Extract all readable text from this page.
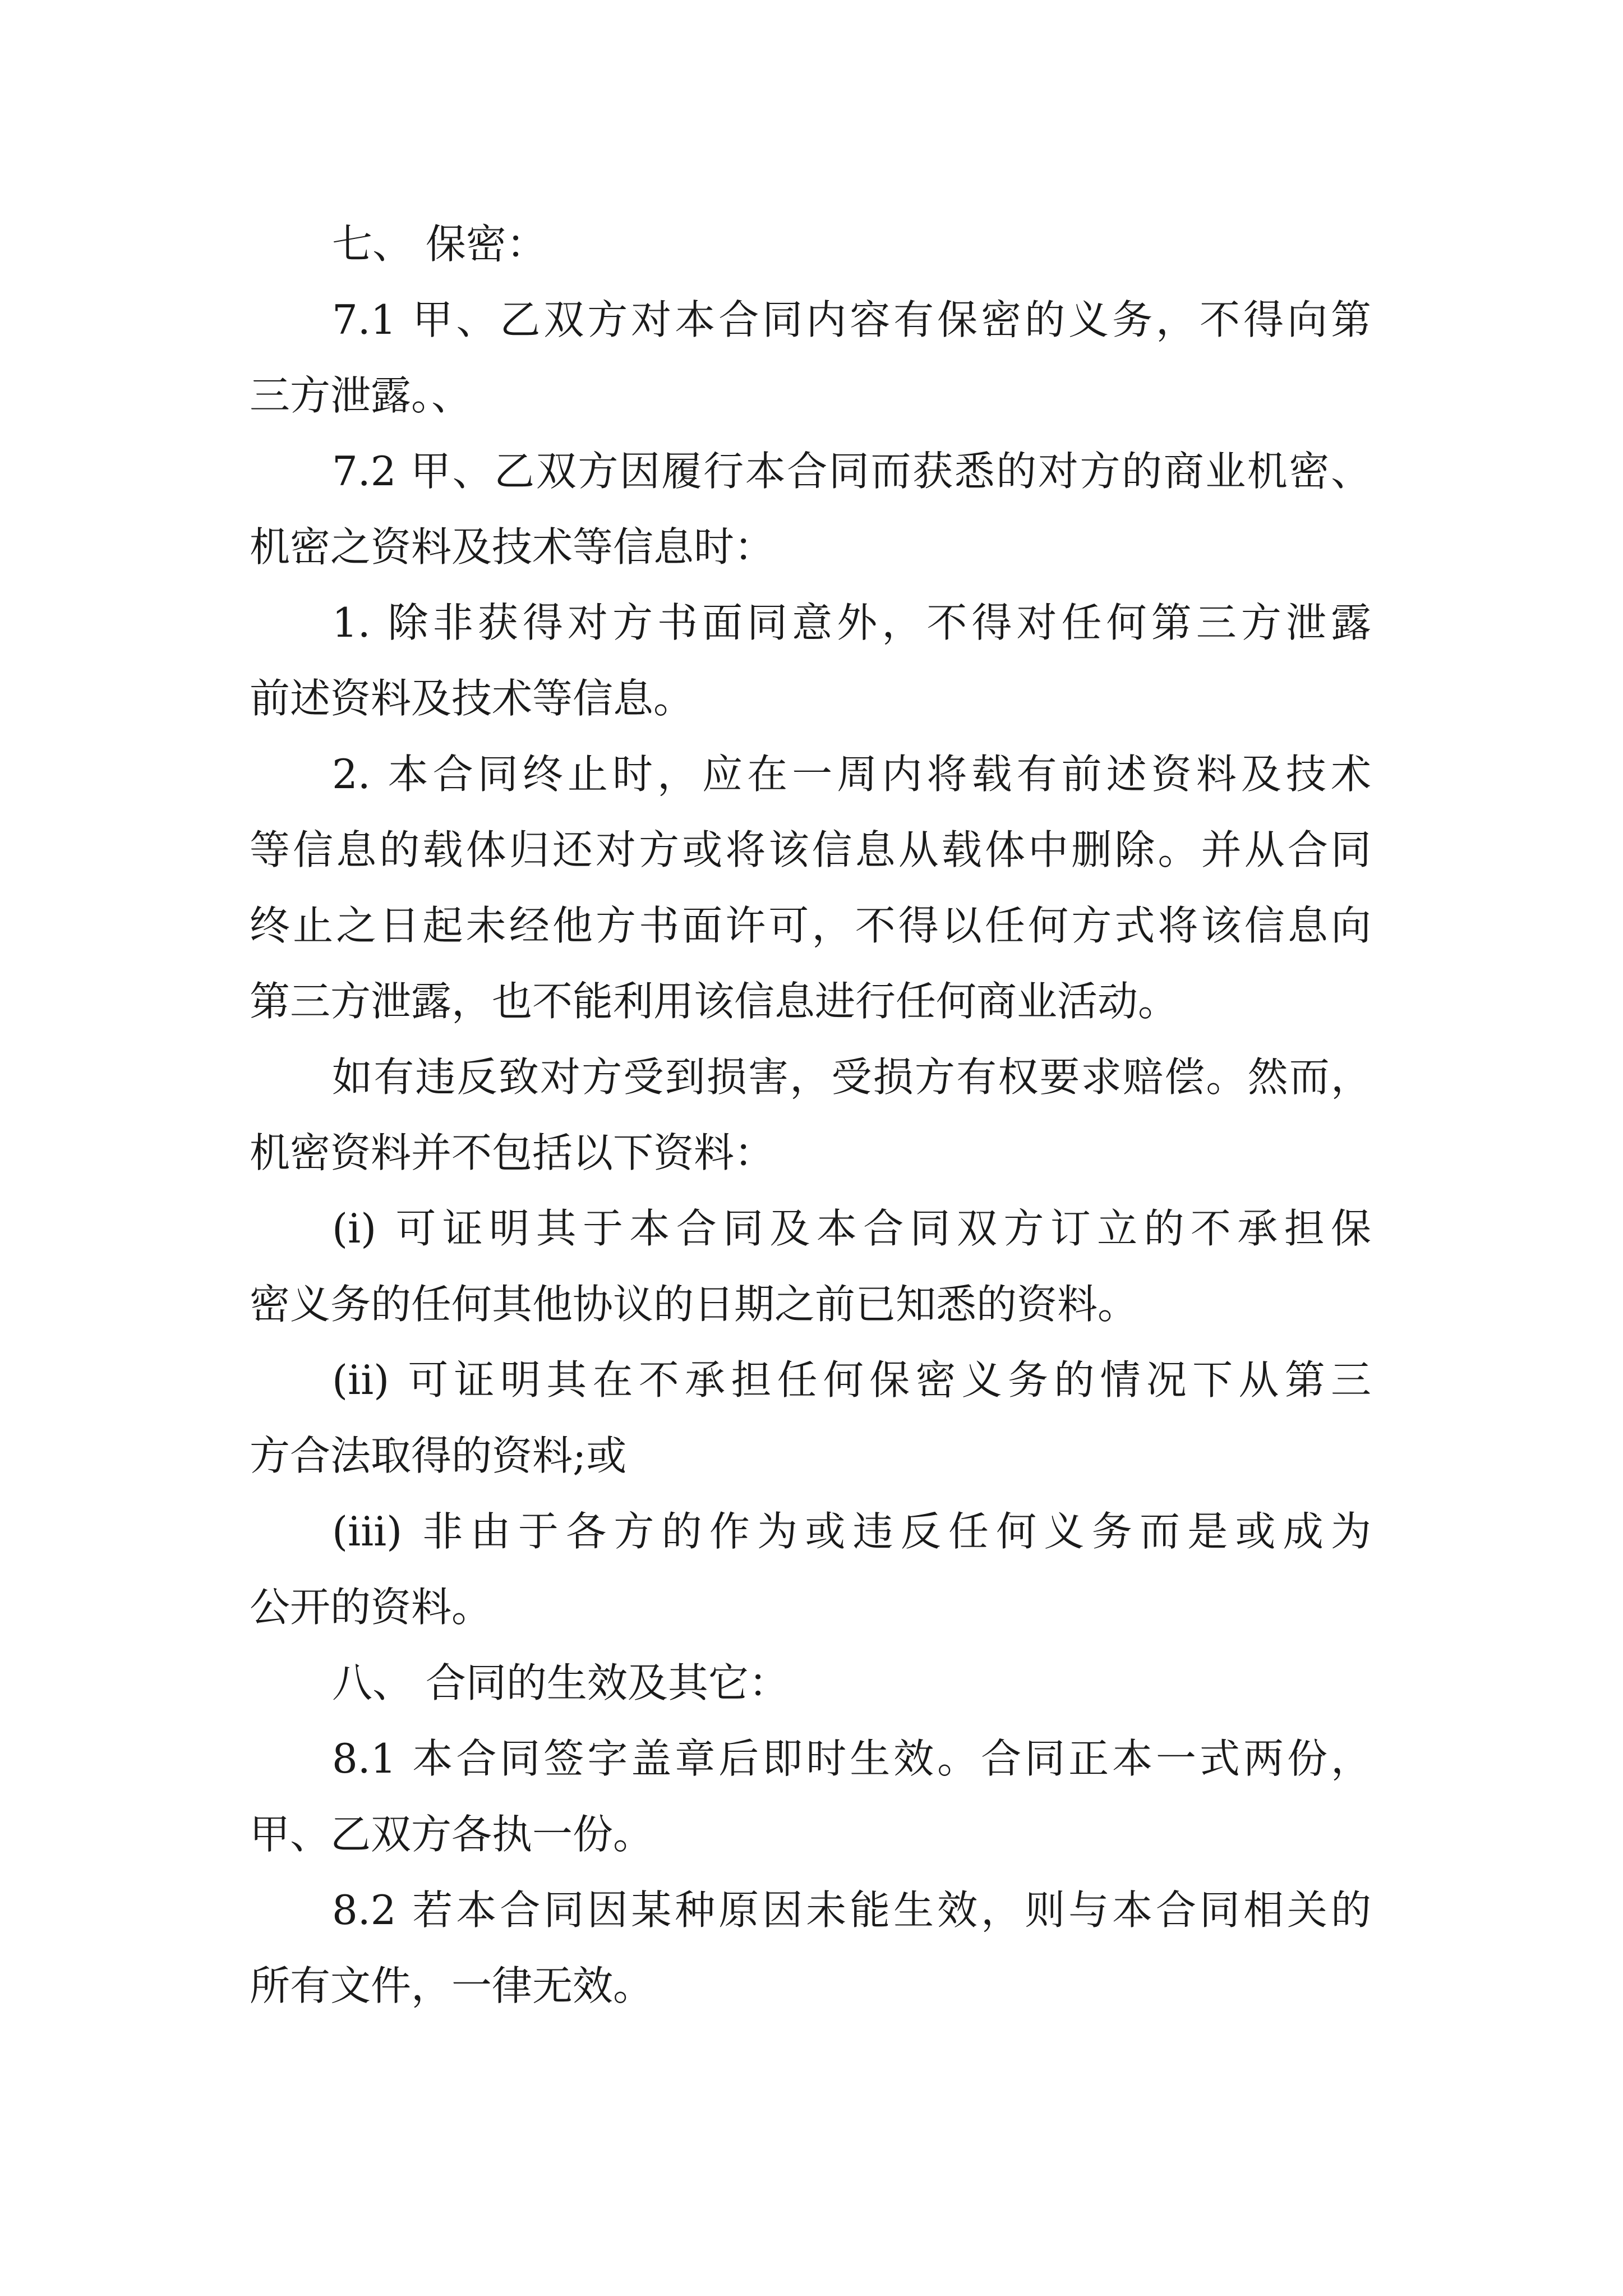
七、 保密：

7.1 甲、乙双方对本合同内容有保密的义务，不得向第

三方泄露。、

7.2 甲、乙双方因履行本合同而获悉的对方的商业机密、

机密之资料及技术等信息时：

1. 除非获得对方书面同意外，不得对任何第三方泄露

前述资料及技术等信息。

2. 本合同终止时，应在一周内将载有前述资料及技术

等信息的载体归还对方或将该信息从载体中删除。并从合同

终止之日起未经他方书面许可，不得以任何方式将该信息向

第三方泄露，也不能利用该信息进行任何商业活动。

如有违反致对方受到损害，受损方有权要求赔偿。然而，

机密资料并不包括以下资料：

(i) 可证明其于本合同及本合同双方订立的不承担保

密义务的任何其他协议的日期之前已知悉的资料。

(ii) 可证明其在不承担任何保密义务的情况下从第三

方合法取得的资料;或

(iii) 非由于各方的作为或违反任何义务而是或成为

公开的资料。

八、 合同的生效及其它：

8.1 本合同签字盖章后即时生效。合同正本一式两份，

甲、乙双方各执一份。

8.2 若本合同因某种原因未能生效，则与本合同相关的

所有文件，一律无效。
